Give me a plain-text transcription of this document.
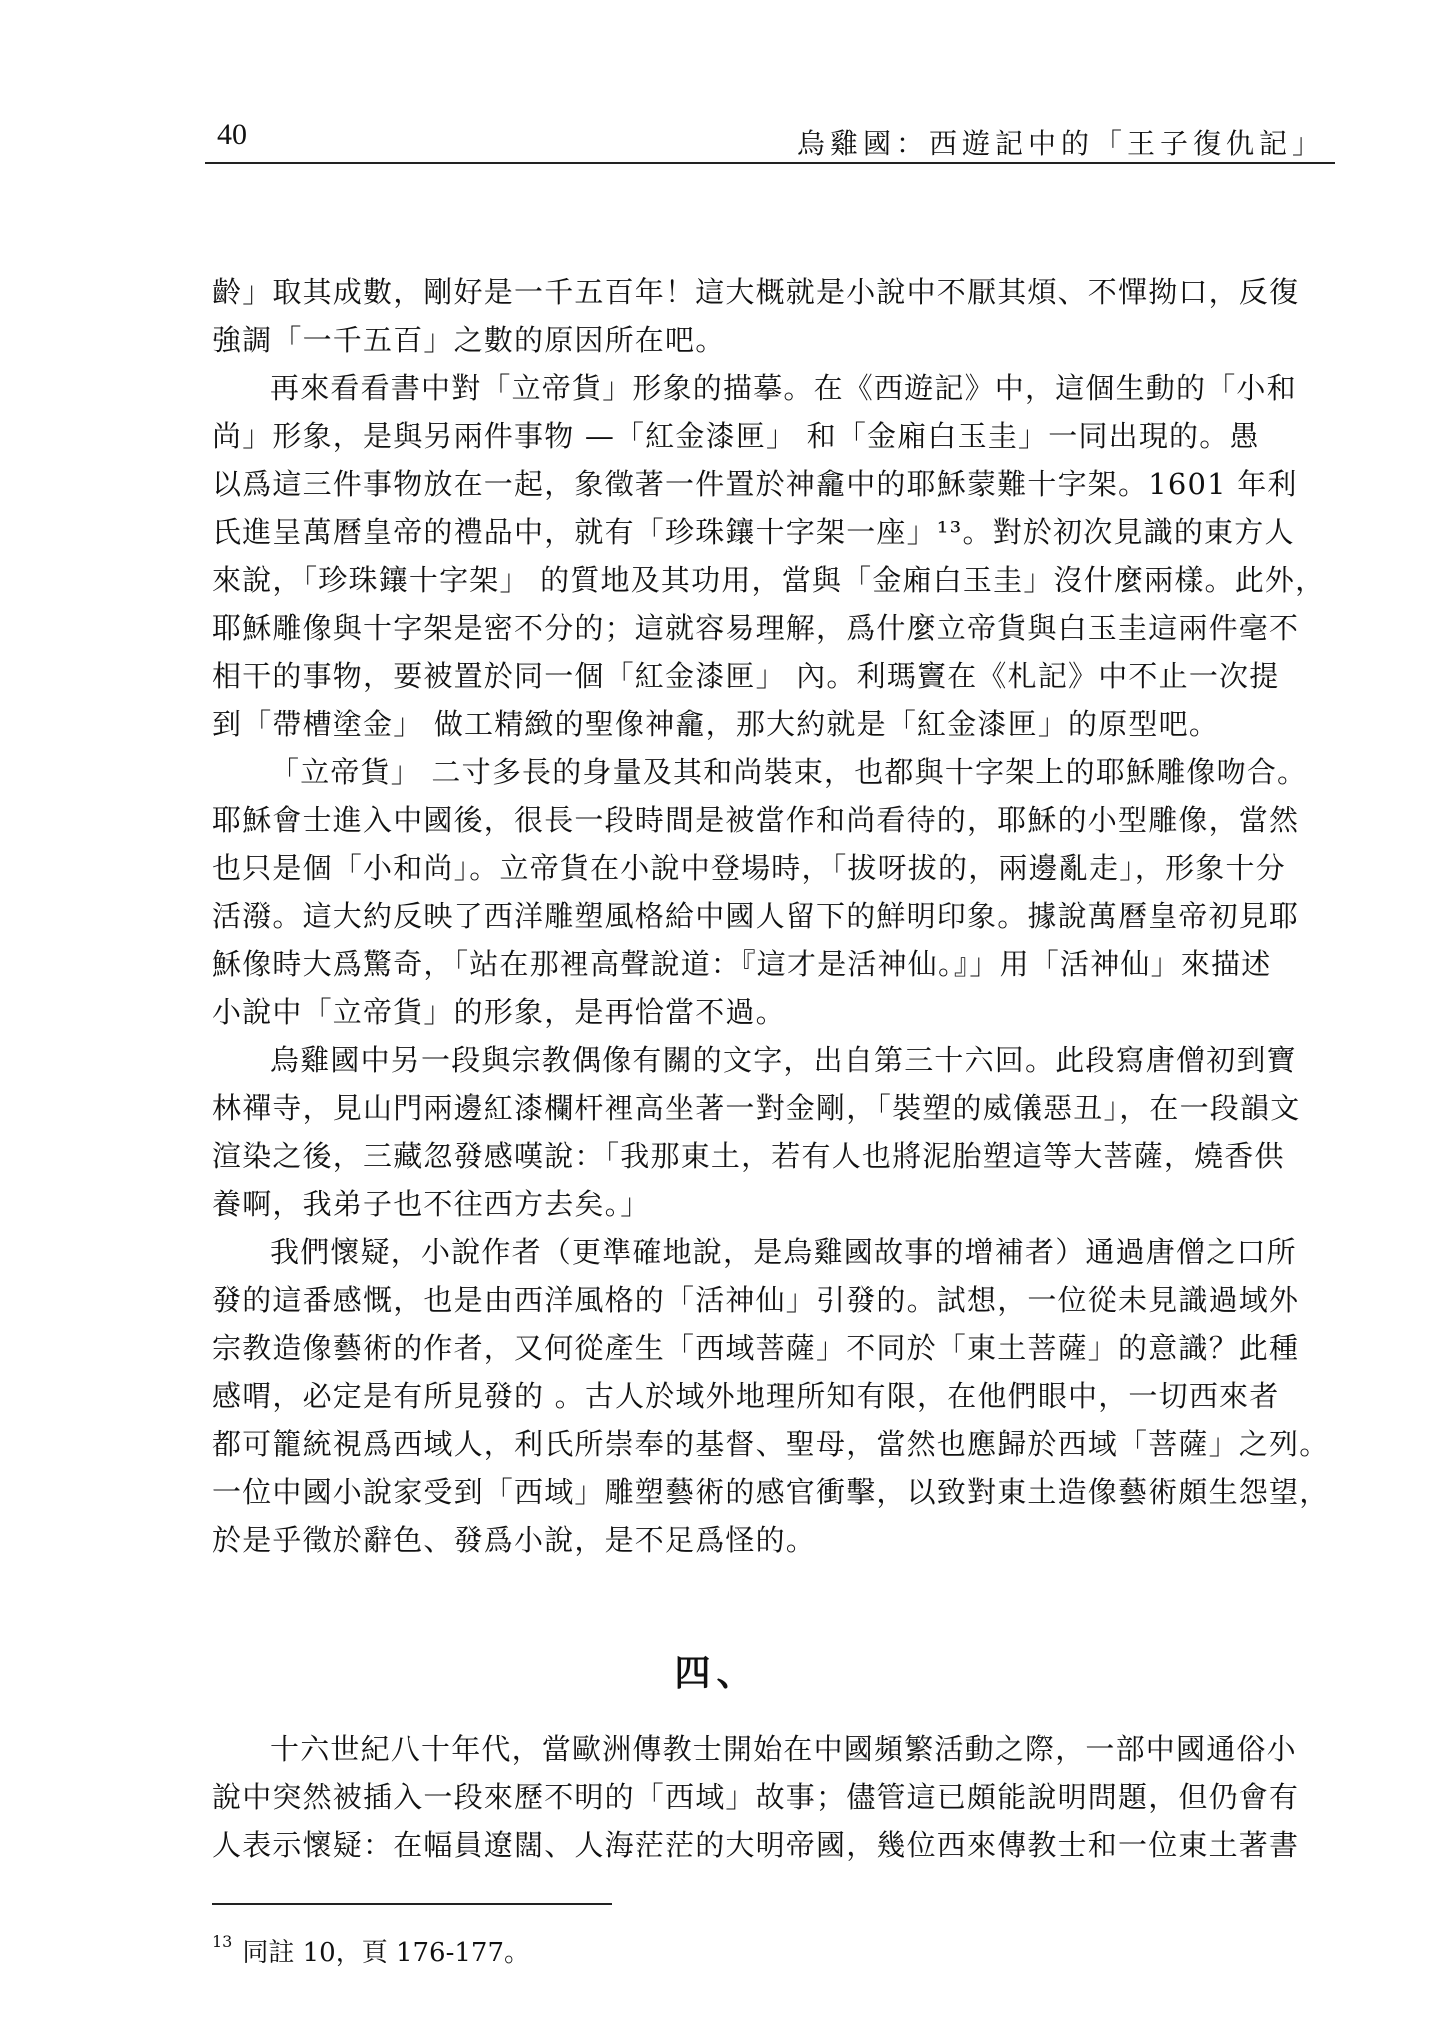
40	烏雞國：西遊記中的「王子復仇記」
齡」取其成數，剛好是一千五百年！這大概就是小說中不厭其煩、不憚拗口，反復
強調「一千五百」之數的原因所在吧。
再來看看書中對「立帝貨」形象的描摹。在《西遊記》中，這個生動的「小和
尚」形象，是與另兩件事物 —「紅金漆匣」 和「金廂白玉圭」一同出現的。愚
以爲這三件事物放在一起，象徵著一件置於神龕中的耶穌蒙難十字架。1601 年利
氏進呈萬曆皇帝的禮品中，就有「珍珠鑲十字架一座」¹³。對於初次見識的東方人
來說，「珍珠鑲十字架」 的質地及其功用，當與「金廂白玉圭」沒什麼兩樣。此外，
耶穌雕像與十字架是密不分的；這就容易理解，爲什麼立帝貨與白玉圭這兩件毫不
相干的事物，要被置於同一個「紅金漆匣」 內。利瑪竇在《札記》中不止一次提
到「帶槽塗金」 做工精緻的聖像神龕，那大約就是「紅金漆匣」的原型吧。
「立帝貨」 二寸多長的身量及其和尚裝束，也都與十字架上的耶穌雕像吻合。
耶穌會士進入中國後，很長一段時間是被當作和尚看待的，耶穌的小型雕像，當然
也只是個「小和尚」。立帝貨在小說中登場時，「拔呀拔的，兩邊亂走」，形象十分
活潑。這大約反映了西洋雕塑風格給中國人留下的鮮明印象。據說萬曆皇帝初見耶
穌像時大爲驚奇，「站在那裡高聲說道：『這才是活神仙。』」用「活神仙」來描述
小說中「立帝貨」的形象，是再恰當不過。
烏雞國中另一段與宗教偶像有關的文字，出自第三十六回。此段寫唐僧初到寶
林禪寺，見山門兩邊紅漆欄杆裡高坐著一對金剛，「裝塑的威儀惡丑」，在一段韻文
渲染之後，三藏忽發感嘆說：「我那東土，若有人也將泥胎塑這等大菩薩，燒香供
養啊，我弟子也不往西方去矣。」
我們懷疑，小說作者（更準確地說，是烏雞國故事的增補者）通過唐僧之口所
發的這番感慨，也是由西洋風格的「活神仙」引發的。試想，一位從未見識過域外
宗教造像藝術的作者，又何從產生「西域菩薩」不同於「東土菩薩」的意識？此種
感喟，必定是有所見發的 。古人於域外地理所知有限，在他們眼中，一切西來者
都可籠統視爲西域人，利氏所崇奉的基督、聖母，當然也應歸於西域「菩薩」之列。
一位中國小說家受到「西域」雕塑藝術的感官衝擊，以致對東土造像藝術頗生怨望，
於是乎徵於辭色、發爲小說，是不足爲怪的。
四、
十六世紀八十年代，當歐洲傳教士開始在中國頻繁活動之際，一部中國通俗小
說中突然被插入一段來歷不明的「西域」故事；儘管這已頗能說明問題，但仍會有
人表示懷疑：在幅員遼闊、人海茫茫的大明帝國，幾位西來傳教士和一位東土著書
$^{13}$ 同註 10，頁 176-177。
